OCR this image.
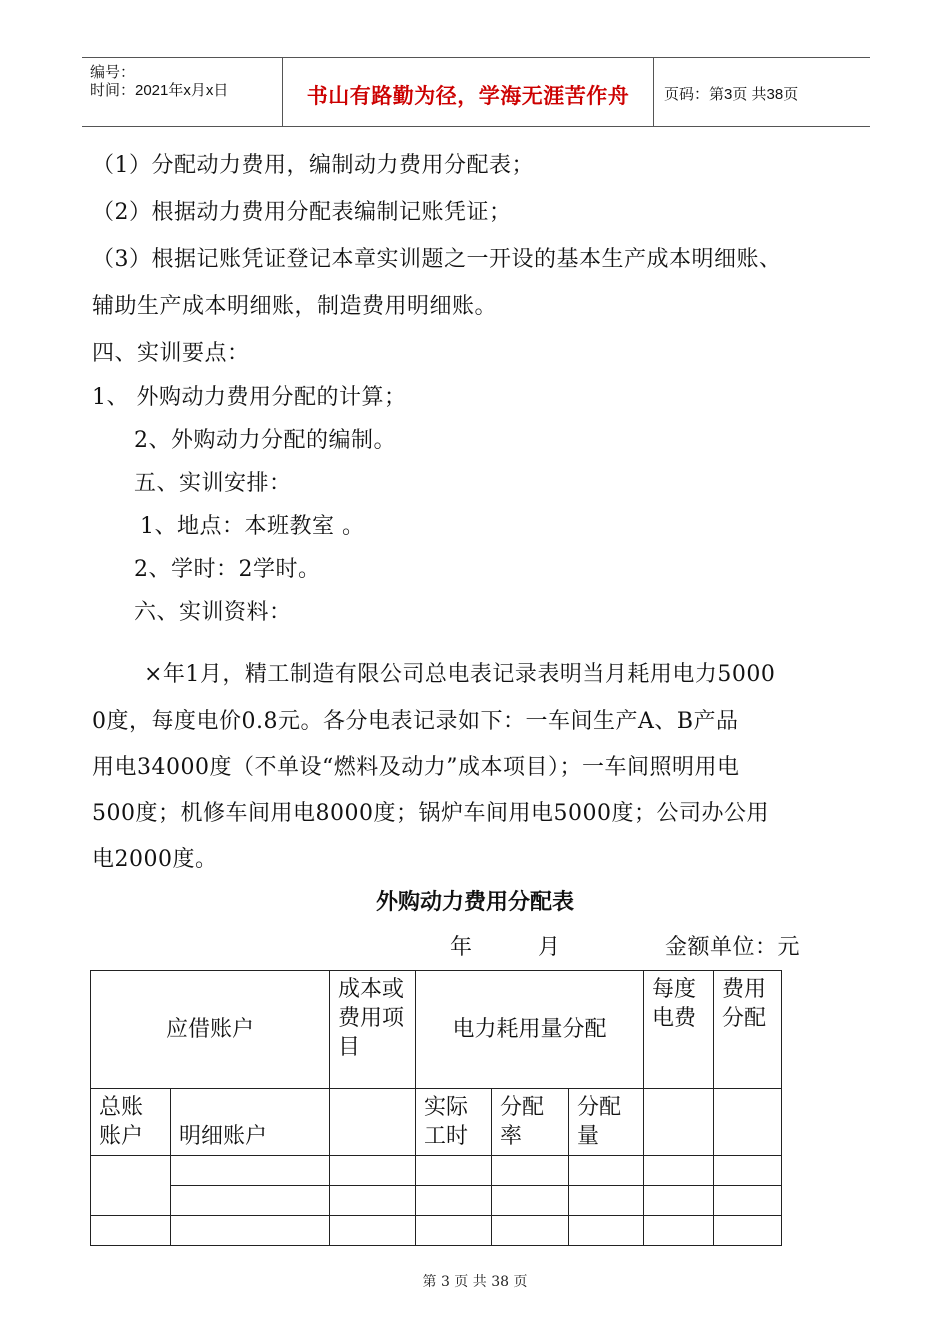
编号：
时间：2021年x月x日	书山有路勤为径，学海无涯苦作舟	页码：第3页 共38页
（1）分配动力费用，编制动力费用分配表；
（2）根据动力费用分配表编制记账凭证；
（3）根据记账凭证登记本章实训题之一开设的基本生产成本明细账、
辅助生产成本明细账，制造费用明细账。
四、实训要点：
1、 外购动力费用分配的计算；
2、外购动力分配的编制。
五、实训安排：
1、地点：本班教室 。
2、学时：2学时。
六、实训资料：
×年1月，精工制造有限公司总电表记录表明当月耗用电力5000
0度，每度电价0.8元。各分电表记录如下：一车间生产A、B产品
用电34000度（不单设“燃料及动力”成本项目）；一车间照明用电
500度；机修车间用电8000度；锅炉车间用电5000度；公司办公用
电2000度。
外购动力费用分配表
年	月	金额单位：元
应借账户		成本或费用项目	电力耗用量分配			每度电费	费用分配
总账账户	明细账户		实际工时	分配率	分配量		

第 3 页 共 38 页
